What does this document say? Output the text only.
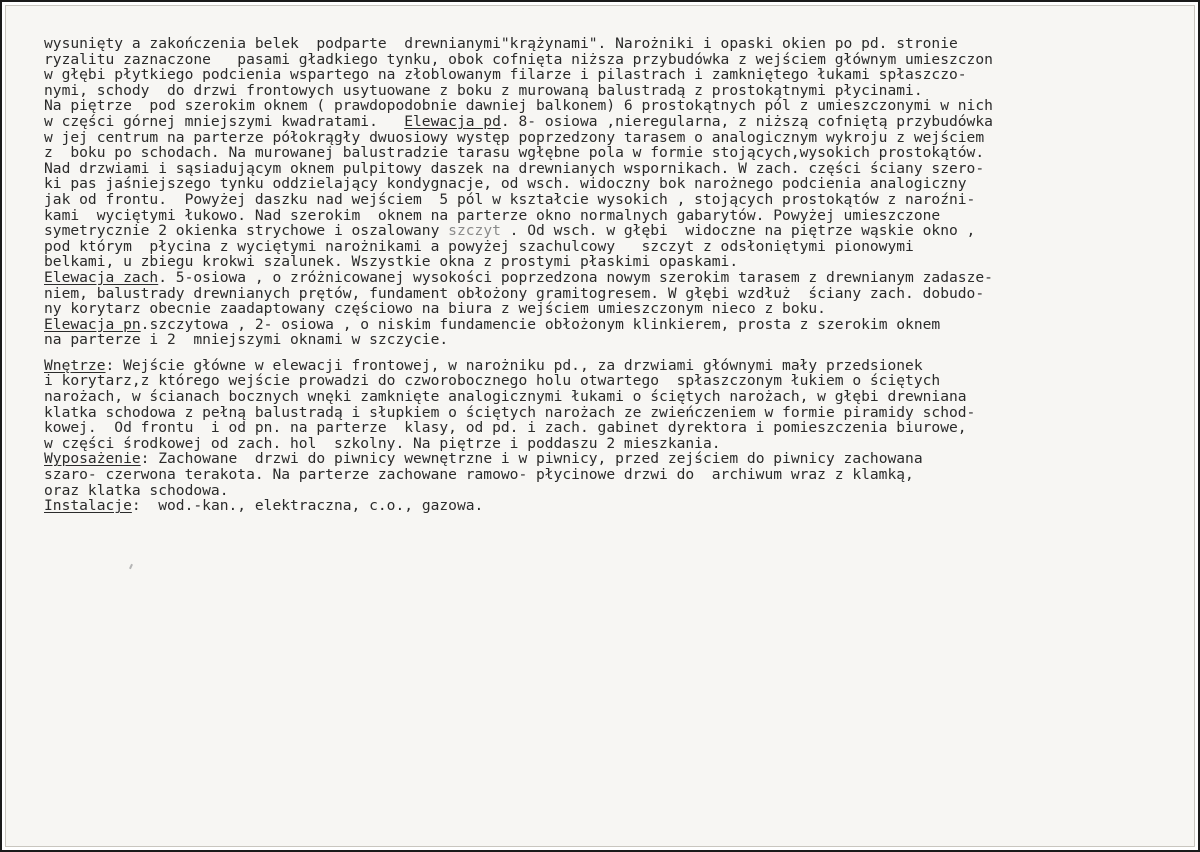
wysunięty a zakończenia belek  podparte  drewnianymi"krążynami". Narożniki i opaski okien po pd. stronie
ryzalitu zaznaczone   pasami gładkiego tynku, obok cofnięta niższa przybudówka z wejściem głównym umieszczon
w głębi płytkiego podcienia wspartego na złoblowanym filarze i pilastrach i zamkniętego łukami spłaszczo-
nymi, schody  do drzwi frontowych usytuowane z boku z murowaną balustradą z prostokątnymi płycinami.
Na piętrze  pod szerokim oknem ( prawdopodobnie dawniej balkonem) 6 prostokątnych pól z umieszczonymi w nich
w części górnej mniejszymi kwadratami.   Elewacja pd. 8- osiowa ,nieregularna, z niższą cofniętą przybudówka
w jej centrum na parterze półokrągły dwuosiowy występ poprzedzony tarasem o analogicznym wykroju z wejściem
z  boku po schodach. Na murowanej balustradzie tarasu wgłębne pola w formie stojących,wysokich prostokątów.
Nad drzwiami i sąsiadującym oknem pulpitowy daszek na drewnianych wspornikach. W zach. części ściany szero-
ki pas jaśniejszego tynku oddzielający kondygnacje, od wsch. widoczny bok narożnego podcienia analogiczny
jak od frontu.  Powyżej daszku nad wejściem  5 pól w kształcie wysokich , stojących prostokątów z naroźni-
kami  wyciętymi łukowo. Nad szerokim  oknem na parterze okno normalnych gabarytów. Powyżej umieszczone
symetrycznie 2 okienka strychowe i oszalowany szczyt . Od wsch. w głębi  widoczne na piętrze wąskie okno ,
pod którym  płycina z wyciętymi narożnikami a powyżej szachulcowy   szczyt z odsłoniętymi pionowymi
belkami, u zbiegu krokwi szalunek. Wszystkie okna z prostymi płaskimi opaskami.
Elewacja zach. 5-osiowa , o zróżnicowanej wysokości poprzedzona nowym szerokim tarasem z drewnianym zadasze-
niem, balustrady drewnianych prętów, fundament obłożony gramitogresem. W głębi wzdłuż  ściany zach. dobudo-
ny korytarz obecnie zaadaptowany częściowo na biura z wejściem umieszczonym nieco z boku.
Elewacja pn.szczytowa , 2- osiowa , o niskim fundamencie obłożonym klinkierem, prosta z szerokim oknem
na parterze i 2  mniejszymi oknami w szczycie.
Wnętrze: Wejście główne w elewacji frontowej, w narożniku pd., za drzwiami głównymi mały przedsionek
i korytarz,z którego wejście prowadzi do czworobocznego holu otwartego  spłaszczonym łukiem o ściętych
narożach, w ścianach bocznych wnęki zamknięte analogicznymi łukami o ściętych narożach, w głębi drewniana
klatka schodowa z pełną balustradą i słupkiem o ściętych narożach ze zwieńczeniem w formie piramidy schod-
kowej.  Od frontu  i od pn. na parterze  klasy, od pd. i zach. gabinet dyrektora i pomieszczenia biurowe,
w części środkowej od zach. hol  szkolny. Na piętrze i poddaszu 2 mieszkania.
Wyposażenie: Zachowane  drzwi do piwnicy wewnętrzne i w piwnicy, przed zejściem do piwnicy zachowana
szaro- czerwona terakota. Na parterze zachowane ramowo- płycinowe drzwi do  archiwum wraz z klamką,
oraz klatka schodowa.
Instalacje:  wod.-kan., elektraczna, c.o., gazowa.
